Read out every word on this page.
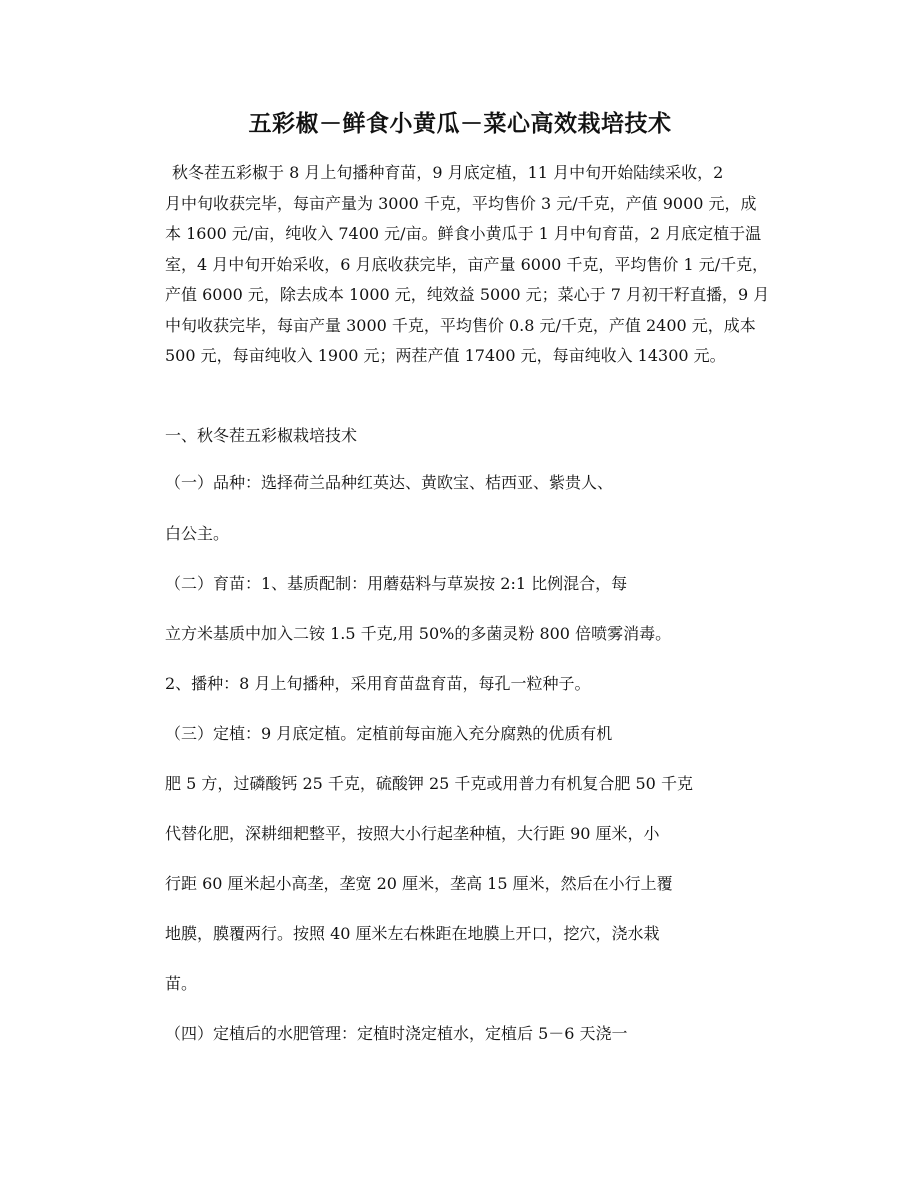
五彩椒－鲜食小黄瓜－菜心高效栽培技术
秋冬茬五彩椒于 8 月上旬播种育苗，9 月底定植，11 月中旬开始陆续采收，2
月中旬收获完毕，每亩产量为 3000 千克，平均售价 3 元/千克，产值 9000 元，成
本 1600 元/亩，纯收入 7400 元/亩。鲜食小黄瓜于 1 月中旬育苗，2 月底定植于温
室，4 月中旬开始采收，6 月底收获完毕，亩产量 6000 千克，平均售价 1 元/千克，
产值 6000 元，除去成本 1000 元，纯效益 5000 元；菜心于 7 月初干籽直播，9 月
中旬收获完毕，每亩产量 3000 千克，平均售价 0.8 元/千克，产值 2400 元，成本
500 元，每亩纯收入 1900 元；两茬产值 17400 元，每亩纯收入 14300 元。

一、秋冬茬五彩椒栽培技术

（一）品种：选择荷兰品种红英达、黄欧宝、桔西亚、紫贵人、

白公主。

（二）育苗：1、基质配制：用蘑菇料与草炭按 2:1 比例混合，每

立方米基质中加入二铵 1.5 千克,用 50%的多菌灵粉 800 倍喷雾消毒。

2、播种：8 月上旬播种，采用育苗盘育苗，每孔一粒种子。

（三）定植：9 月底定植。定植前每亩施入充分腐熟的优质有机

肥 5 方，过磷酸钙 25 千克，硫酸钾 25 千克或用普力有机复合肥 50 千克

代替化肥，深耕细耙整平，按照大小行起垄种植，大行距 90 厘米，小

行距 60 厘米起小高垄，垄宽 20 厘米，垄高 15 厘米，然后在小行上覆

地膜，膜覆两行。按照 40 厘米左右株距在地膜上开口，挖穴，浇水栽

苗。

（四）定植后的水肥管理：定植时浇定植水，定植后 5－6 天浇一
